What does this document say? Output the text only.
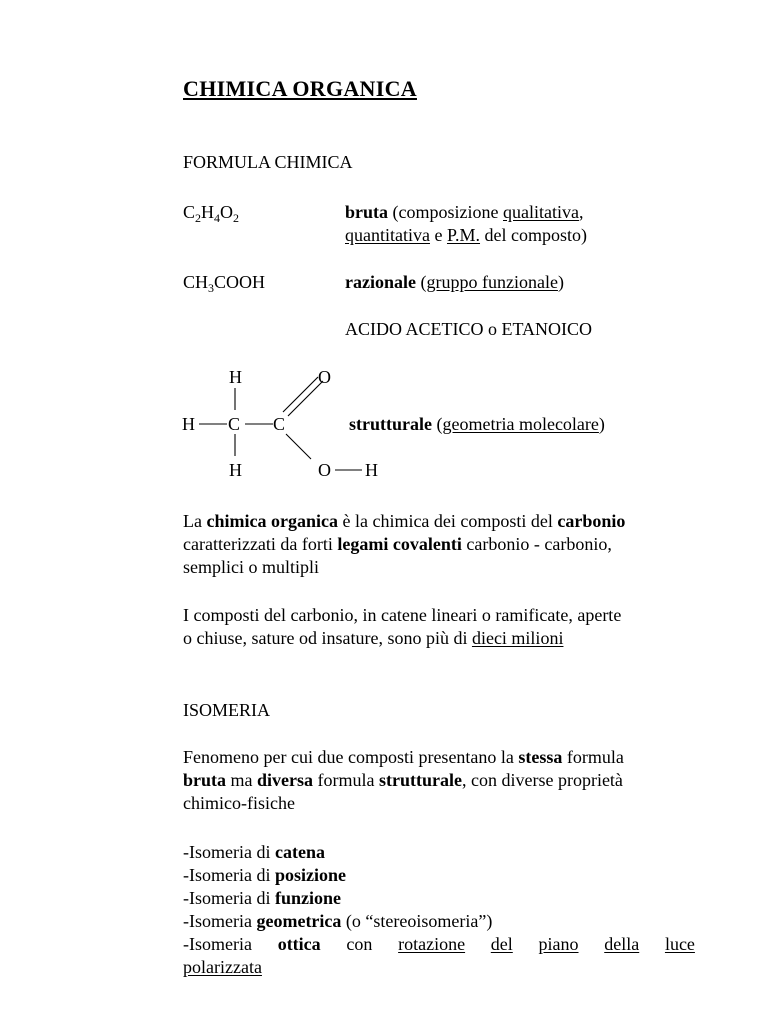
CHIMICA ORGANICA
FORMULA CHIMICA
$C_2H_4O_2$	bruta (composizione qualitativa,
quantitativa e P.M. del composto)
$CH_3COOH$	razionale (gruppo funzionale)
ACIDO ACETICO o ETANOICO
H
H C
H
C
O
O H
strutturale (geometria molecolare)
La chimica organica è la chimica dei composti del carbonio
caratterizzati da forti legami covalenti carbonio - carbonio,
semplici o multipli
I composti del carbonio, in catene lineari o ramificate, aperte
o chiuse, sature od insature, sono più di dieci milioni
ISOMERIA
Fenomeno per cui due composti presentano la stessa formula
bruta ma diversa formula strutturale, con diverse proprietà
chimico-fisiche
-Isomeria di catena
-Isomeria di posizione
-Isomeria di funzione
-Isomeria geometrica (o “stereoisomeria”)
-Isomeria ottica con rotazione del piano della luce
polarizzata
